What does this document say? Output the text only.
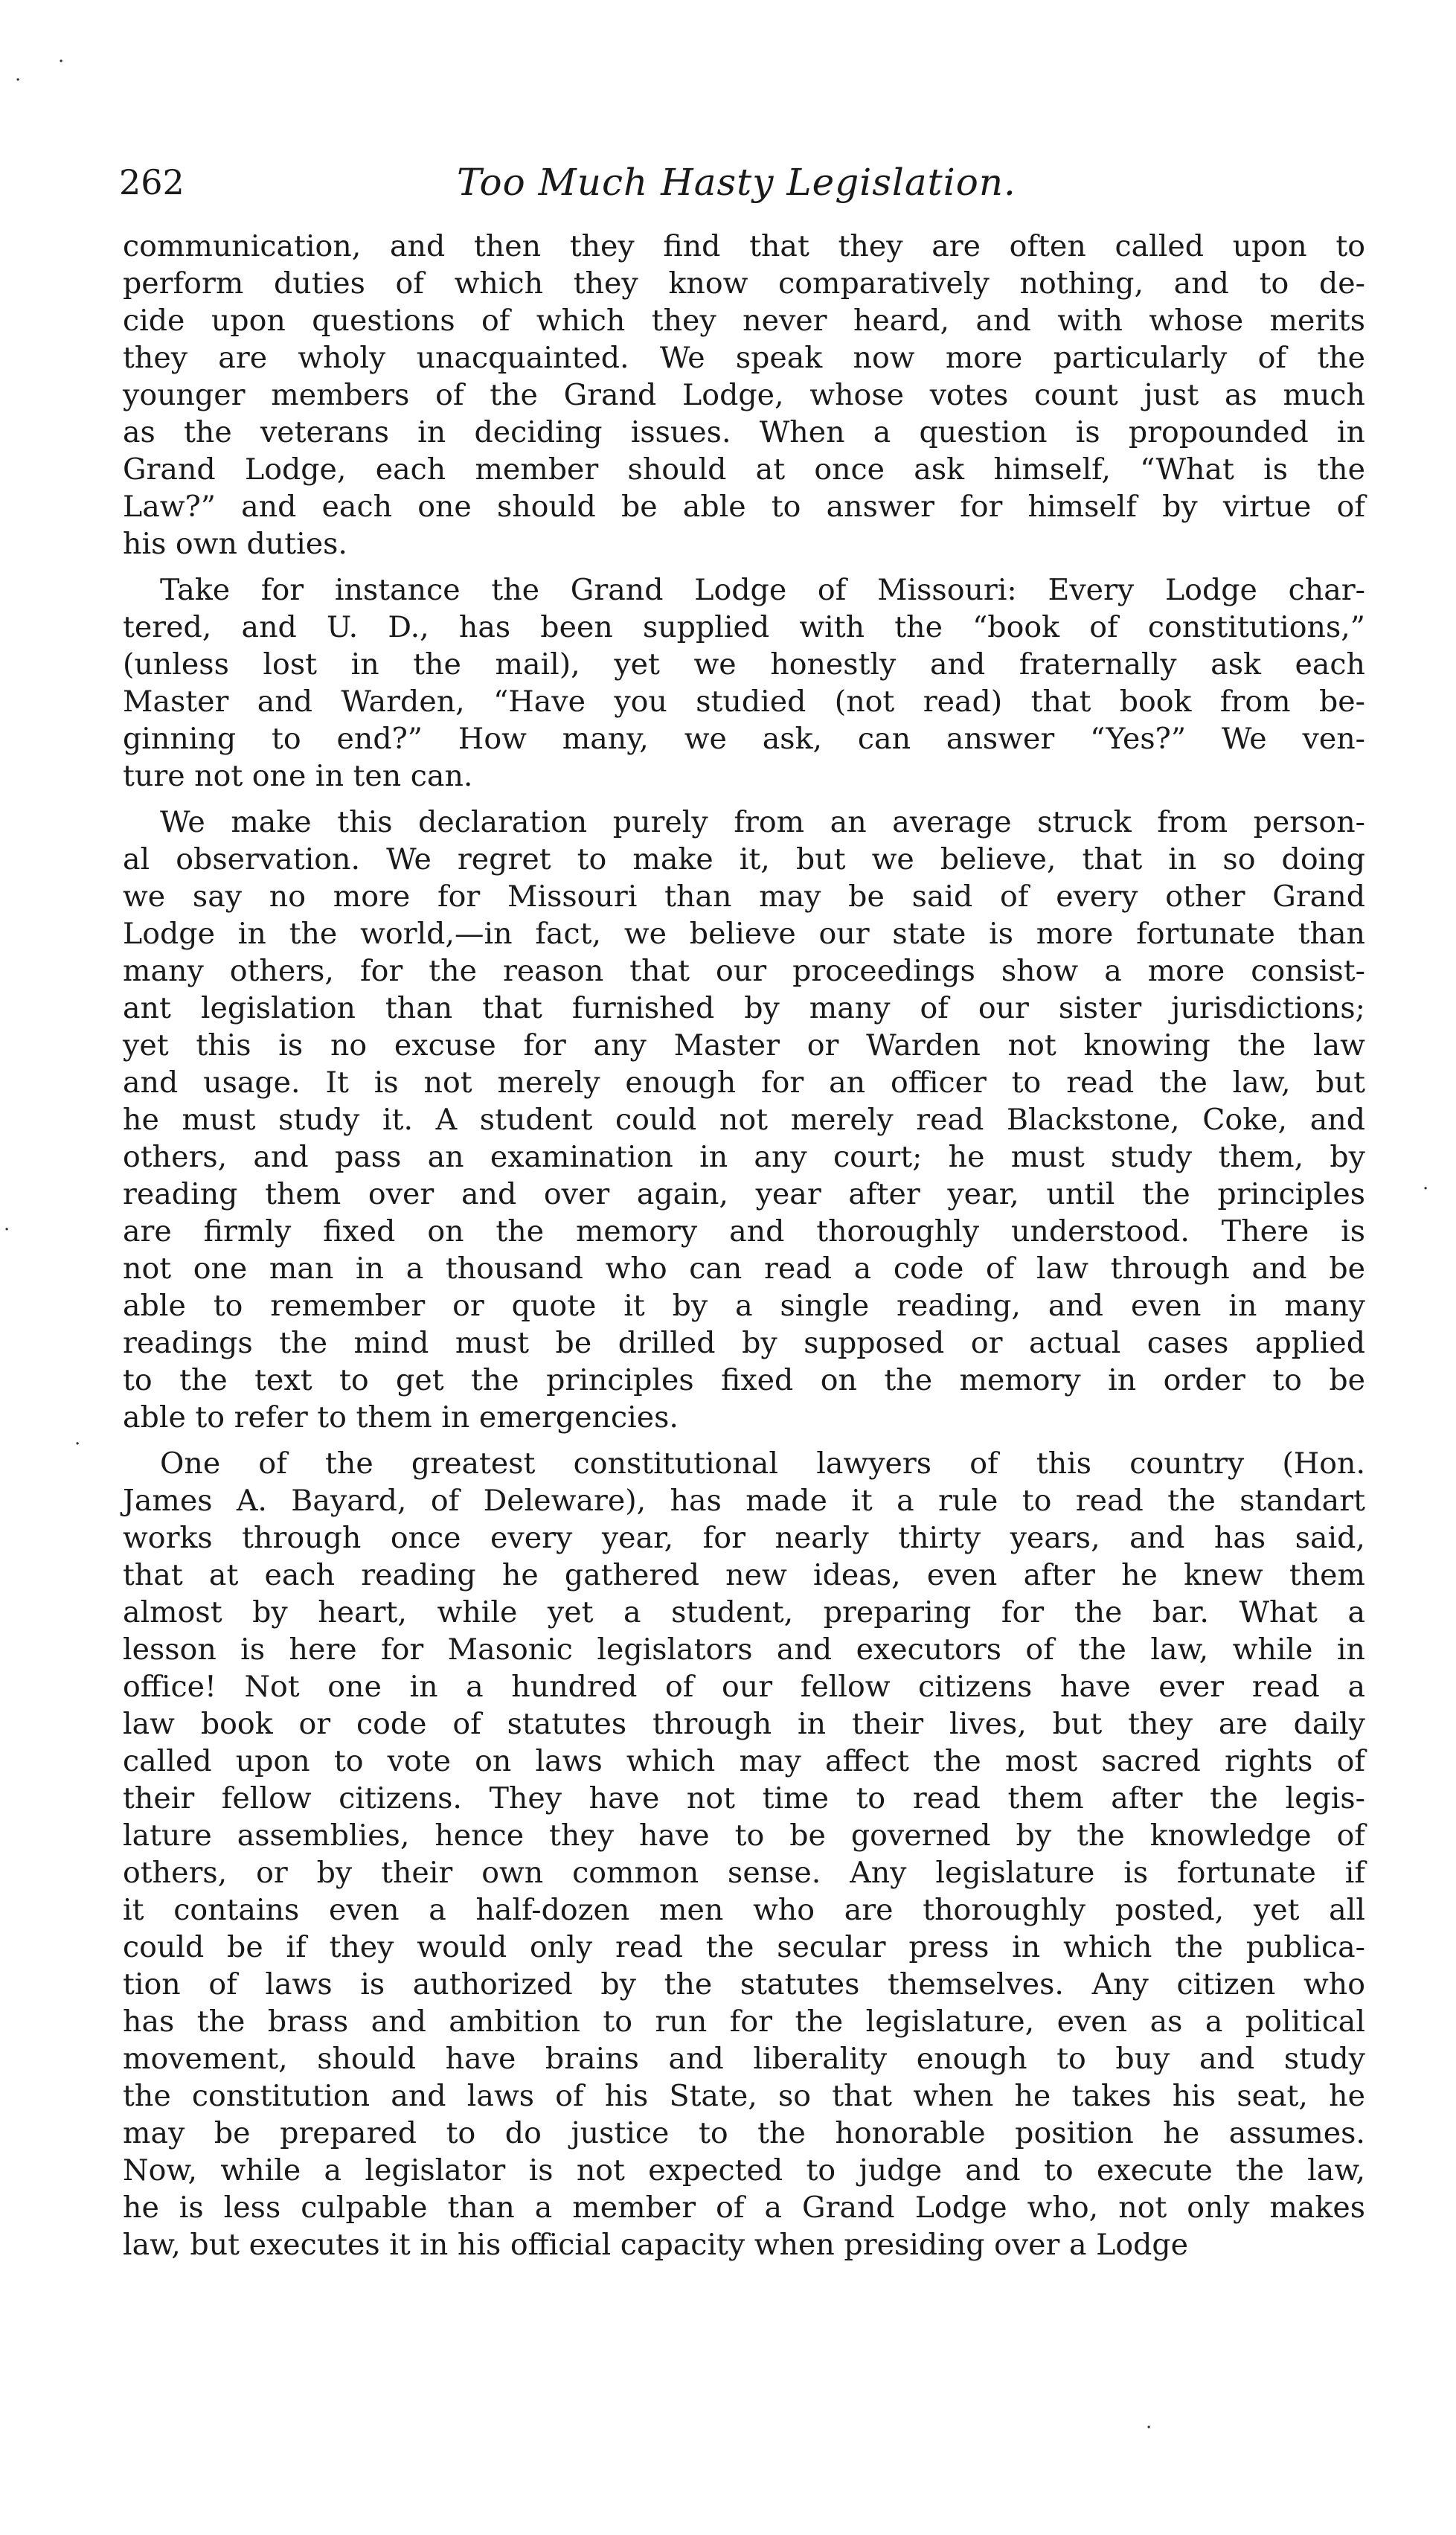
262	Too Much Hasty Legislation.
communication, and then they find that they are often called upon to
perform duties of which they know comparatively nothing, and to de-
cide upon questions of which they never heard, and with whose merits
they are wholy unacquainted. We speak now more particularly of the
younger members of the Grand Lodge, whose votes count just as much
as the veterans in deciding issues. When a question is propounded in
Grand Lodge, each member should at once ask himself, “What is the
Law?” and each one should be able to answer for himself by virtue of
his own duties.
Take for instance the Grand Lodge of Missouri: Every Lodge char-
tered, and U. D., has been supplied with the “book of constitutions,”
(unless lost in the mail), yet we honestly and fraternally ask each
Master and Warden, “Have you studied (not read) that book from be-
ginning to end?” How many, we ask, can answer “Yes?” We ven-
ture not one in ten can.
We make this declaration purely from an average struck from person-
al observation. We regret to make it, but we believe, that in so doing
we say no more for Missouri than may be said of every other Grand
Lodge in the world,—in fact, we believe our state is more fortunate than
many others, for the reason that our proceedings show a more consist-
ant legislation than that furnished by many of our sister jurisdictions;
yet this is no excuse for any Master or Warden not knowing the law
and usage. It is not merely enough for an officer to read the law, but
he must study it. A student could not merely read Blackstone, Coke, and
others, and pass an examination in any court; he must study them, by
reading them over and over again, year after year, until the principles
are firmly fixed on the memory and thoroughly understood. There is
not one man in a thousand who can read a code of law through and be
able to remember or quote it by a single reading, and even in many
readings the mind must be drilled by supposed or actual cases applied
to the text to get the principles fixed on the memory in order to be
able to refer to them in emergencies.
One of the greatest constitutional lawyers of this country (Hon.
James A. Bayard, of Deleware), has made it a rule to read the standart
works through once every year, for nearly thirty years, and has said,
that at each reading he gathered new ideas, even after he knew them
almost by heart, while yet a student, preparing for the bar. What a
lesson is here for Masonic legislators and executors of the law, while in
office! Not one in a hundred of our fellow citizens have ever read a
law book or code of statutes through in their lives, but they are daily
called upon to vote on laws which may affect the most sacred rights of
their fellow citizens. They have not time to read them after the legis-
lature assemblies, hence they have to be governed by the knowledge of
others, or by their own common sense. Any legislature is fortunate if
it contains even a half-dozen men who are thoroughly posted, yet all
could be if they would only read the secular press in which the publica-
tion of laws is authorized by the statutes themselves. Any citizen who
has the brass and ambition to run for the legislature, even as a political
movement, should have brains and liberality enough to buy and study
the constitution and laws of his State, so that when he takes his seat, he
may be prepared to do justice to the honorable position he assumes.
Now, while a legislator is not expected to judge and to execute the law,
he is less culpable than a member of a Grand Lodge who, not only makes
law, but executes it in his official capacity when presiding over a Lodge
·
·
·
·
·
·
